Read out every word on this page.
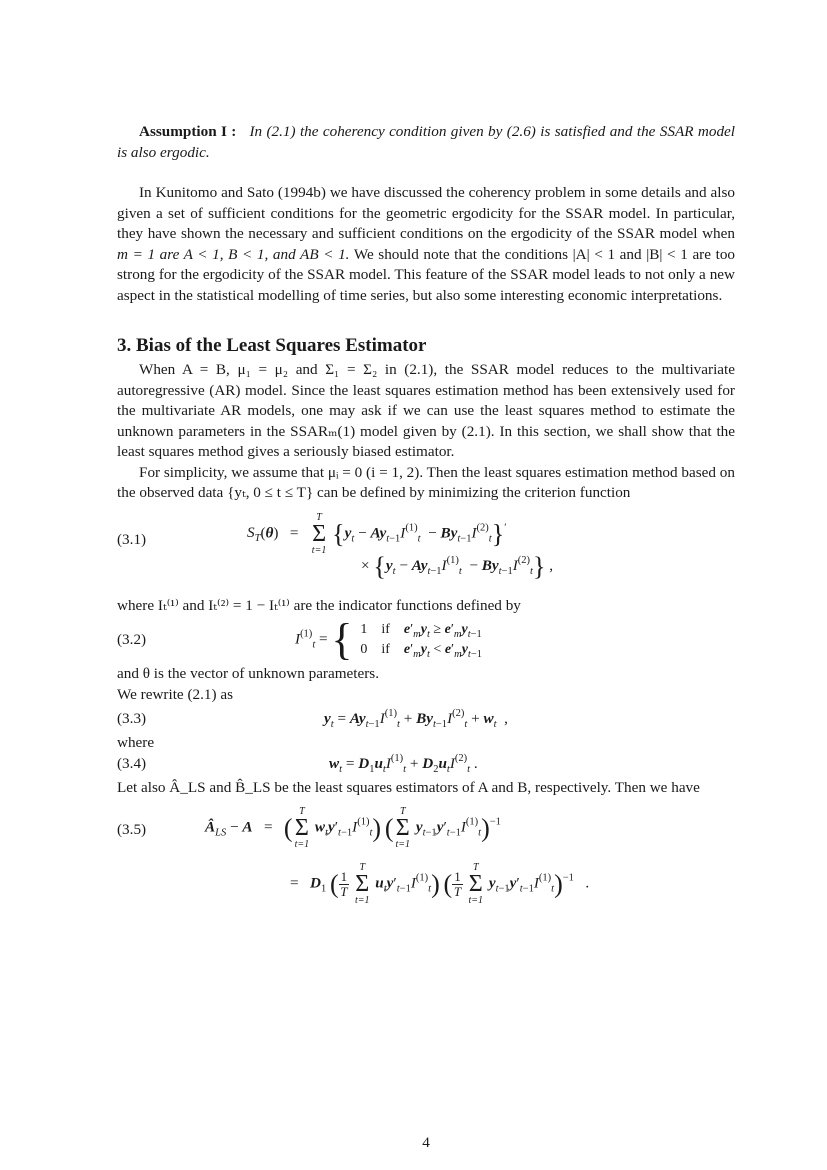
Assumption I : In (2.1) the coherency condition given by (2.6) is satisfied and the SSAR model is also ergodic.

In Kunitomo and Sato (1994b) we have discussed the coherency problem in some details and also given a set of sufficient conditions for the geometric ergodicity for the SSAR model. In particular, they have shown the necessary and sufficient conditions on the ergodicity of the SSAR model when m = 1 are A < 1, B < 1, and AB < 1. We should note that the conditions |A| < 1 and |B| < 1 are too strong for the ergodicity of the SSAR model. This feature of the SSAR model leads to not only a new aspect in the statistical modelling of time series, but also some interesting economic interpretations.

3. Bias of the Least Squares Estimator

When A = B, μ₁ = μ₂ and Σ₁ = Σ₂ in (2.1), the SSAR model reduces to the multivariate autoregressive (AR) model. Since the least squares estimation method has been extensively used for the multivariate AR models, one may ask if we can use the least squares method to estimate the unknown parameters in the SSARₘ(1) model given by (2.1). In this section, we shall show that the least squares method gives a seriously biased estimator.

For simplicity, we assume that μᵢ = 0 (i = 1, 2). Then the least squares estimation method based on the observed data {yₜ, 0 ≤ t ≤ T} can be defined by minimizing the criterion function

(3.1)	$S_T(\theta)$   =
T
Σ
t=1
$\{y_t - Ay_{t-1}I^{(1)}_t - By_{t-1}I^{(2)}_t\}'$
× $\{y_t - Ay_{t-1}I^{(1)}_t - By_{t-1}I^{(2)}_t\}$ ,

where Iₜ⁽¹⁾ and Iₜ⁽²⁾ = 1 − Iₜ⁽¹⁾ are the indicator functions defined by

(3.2)	$I^{(1)}_t$ = { 1	if	$e'_my_t \ge e'_my_{t-1}$
0	if	$e'_my_t < e'_my_{t-1}$

and θ is the vector of unknown parameters.

We rewrite (2.1) as

(3.3)	$y_t = Ay_{t-1}I^{(1)}_t + By_{t-1}I^{(2)}_t + w_t$  ,

where

(3.4)	$w_t = D_1u_tI^{(1)}_t + D_2u_tI^{(2)}_t$ .

Let also Â_LS and B̂_LS be the least squares estimators of A and B, respectively. Then we have

(3.5)	$Â_{LS} - A$   =   (
T
Σ
t=1
$w_ty'_{t-1}I^{(1)}_t$) (
T
Σ
t=1
$y_{t-1}y'_{t-1}I^{(1)}_t)^{-1}$
=   $D_1$ ( $\frac{1}{T}$

T
Σ
t=1
$u_ty'_{t-1}I^{(1)}_t$) ( $\frac{1}{T}$

T
Σ
t=1
$y_{t-1}y'_{t-1}I^{(1)}_t)^{-1}$   .
4
